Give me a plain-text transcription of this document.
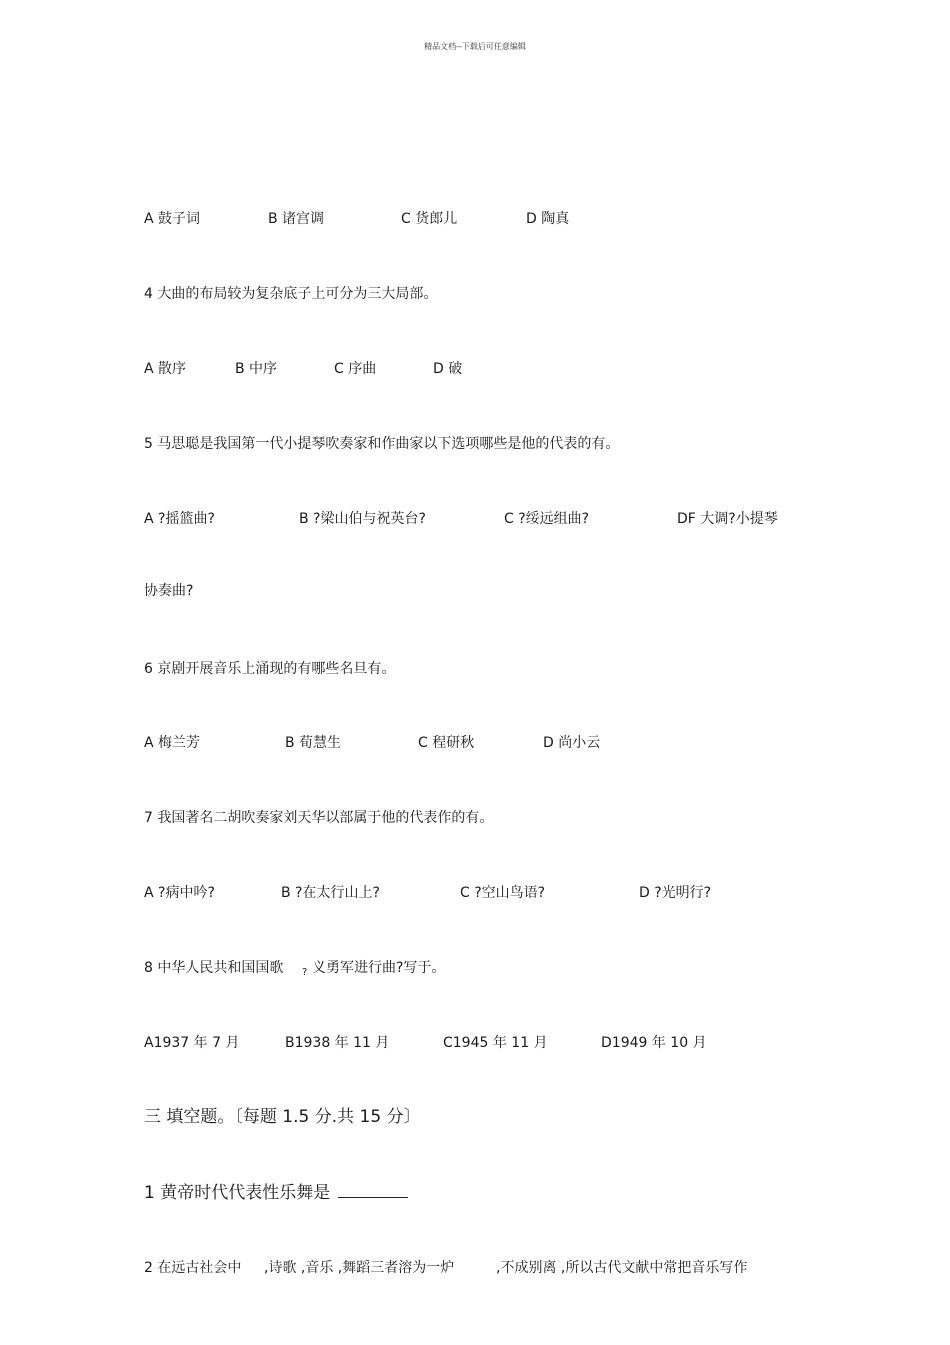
精品文档--下载后可任意编辑
A 鼓子词	B 诸宫调	C 货郎儿	D 陶真
4 大曲的布局较为复杂底子上可分为三大局部。
A 散序	B 中序	C 序曲	D 破
5 马思聪是我国第一代小提琴吹奏家和作曲家以下选项哪些是他的代表的有。
A ?摇篮曲?	B ?梁山伯与祝英台?	C ?绥远组曲?	DF 大调?小提琴
协奏曲?
6 京剧开展音乐上涌现的有哪些名旦有。
A 梅兰芳	B 荀慧生	C 程研秋	D 尚小云
7 我国著名二胡吹奏家刘天华以部属于他的代表作的有。
A ?病中吟?	B ?在太行山上?	C ?空山鸟语?	D ?光明行?
8 中华人民共和国国歌 ? 义勇军进行曲?写于。
A1937 年 7 月	B1938 年 11 月	C1945 年 11 月	D1949 年 10 月
三 填空题。〔每题 1.5 分.共 15 分〕
1 黄帝时代代表性乐舞是
2 在远古社会中 ,诗歌 ,音乐 ,舞蹈三者溶为一炉	,不成别离 ,所以古代文献中常把音乐写作
